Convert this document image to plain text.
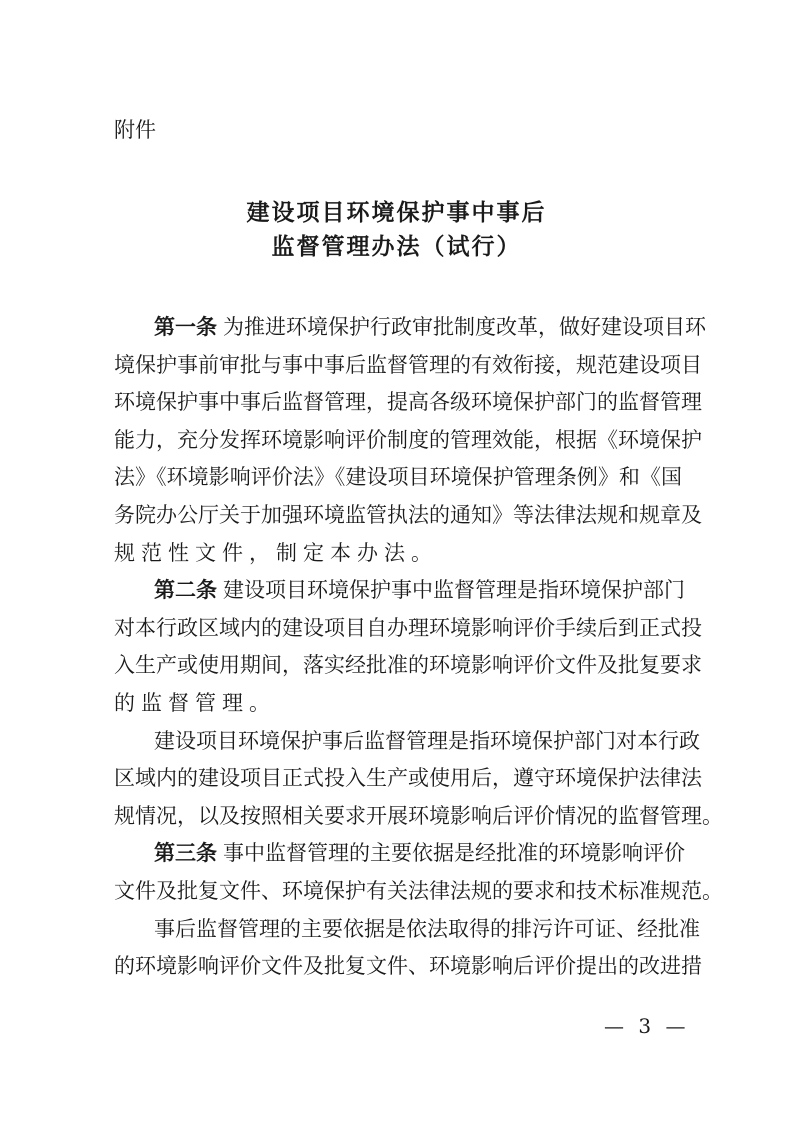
附件
建设项目环境保护事中事后
监督管理办法（试行）
第一条 为推进环境保护行政审批制度改革，做好建设项目环
境保护事前审批与事中事后监督管理的有效衔接，规范建设项目
环境保护事中事后监督管理，提高各级环境保护部门的监督管理
能力，充分发挥环境影响评价制度的管理效能，根据《环境保护
法》《环境影响评价法》《建设项目环境保护管理条例》和《国
务院办公厅关于加强环境监管执法的通知》等法律法规和规章及
规范性文件，制定本办法。
第二条 建设项目环境保护事中监督管理是指环境保护部门
对本行政区域内的建设项目自办理环境影响评价手续后到正式投
入生产或使用期间，落实经批准的环境影响评价文件及批复要求
的监督管理。
建设项目环境保护事后监督管理是指环境保护部门对本行政
区域内的建设项目正式投入生产或使用后，遵守环境保护法律法
规情况，以及按照相关要求开展环境影响后评价情况的监督管理。
第三条 事中监督管理的主要依据是经批准的环境影响评价
文件及批复文件、环境保护有关法律法规的要求和技术标准规范。
事后监督管理的主要依据是依法取得的排污许可证、经批准
的环境影响评价文件及批复文件、环境影响后评价提出的改进措
— 3 —
